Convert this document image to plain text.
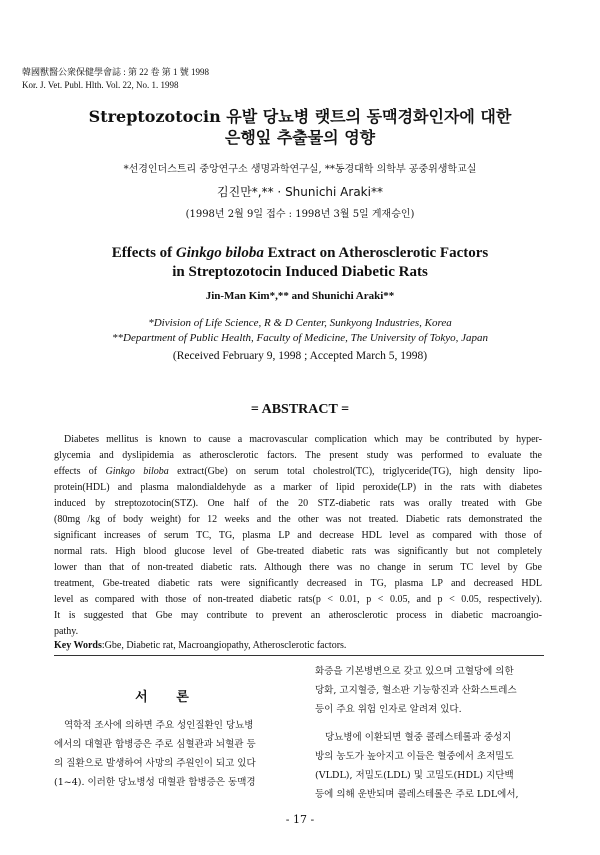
韓國獸醫公衆保健學會誌 : 第 22 卷 第 1 號 1998
Kor. J. Vet. Publ. Hlth. Vol. 22, No. 1. 1998
Streptozotocin 유발 당뇨병 랫트의 동맥경화인자에 대한
은행잎 추출물의 영향
*선경인더스트리 중앙연구소 생명과학연구실, **동경대학 의학부 공중위생학교실
김진만*,** · Shunichi Araki**
(1998년 2월 9일 접수 : 1998년 3월 5일 게재승인)
Effects of Ginkgo biloba Extract on Atherosclerotic Factors
in Streptozotocin Induced Diabetic Rats
Jin-Man Kim*,** and Shunichi Araki**
*Division of Life Science, R & D Center, Sunkyong Industries, Korea
**Department of Public Health, Faculty of Medicine, The University of Tokyo, Japan
(Received February 9, 1998 ; Accepted March 5, 1998)
= ABSTRACT =
Diabetes mellitus is known to cause a macrovascular complication which may be contributed by hyper-
glycemia and dyslipidemia as atherosclerotic factors. The present study was performed to evaluate the
effects of Ginkgo biloba extract(Gbe) on serum total cholestrol(TC), triglyceride(TG), high density lipo-
protein(HDL) and plasma malondialdehyde as a marker of lipid peroxide(LP) in the rats with diabetes
induced by streptozotocin(STZ). One half of the 20 STZ-diabetic rats was orally treated with Gbe
(80mg /kg of body weight) for 12 weeks and the other was not treated. Diabetic rats demonstrated the
significant increases of serum TC, TG, plasma LP and decrease HDL level as compared with those of
normal rats. High blood glucose level of Gbe-treated diabetic rats was significantly but not completely
lower than that of non-treated diabetic rats. Although there was no change in serum TC level by Gbe
treatment, Gbe-treated diabetic rats were significantly decreased in TG, plasma LP and decreased HDL
level as compared with those of non-treated diabetic rats(p < 0.01, p < 0.05, and p < 0.05, respectively).
It is suggested that Gbe may contribute to prevent an atherosclerotic process in diabetic macroangio-
pathy.
Key Words:Gbe, Diabetic rat, Macroangiopathy, Atherosclerotic factors.
서 론
역학적 조사에 의하면 주요 성인질환인 당뇨병
에서의 대혈관 합병증은 주로 심혈관과 뇌혈관 등
의 질환으로 발생하여 사망의 주원인이 되고 있다
(1~4). 이러한 당뇨병성 대혈관 합병증은 동맥경
화증을 기본병변으로 갖고 있으며 고혈당에 의한
당화, 고지혈증, 혈소판 기능항진과 산화스트레스
등이 주요 위험 인자로 알려져 있다.
당뇨병에 이환되면 혈중 콜레스테롤과 중성지
방의 농도가 높아지고 이들은 혈중에서 초저밀도
(VLDL), 저밀도(LDL) 및 고밀도(HDL) 지단백
등에 의해 운반되며 콜레스테롤은 주로 LDL에서,
- 17 -
